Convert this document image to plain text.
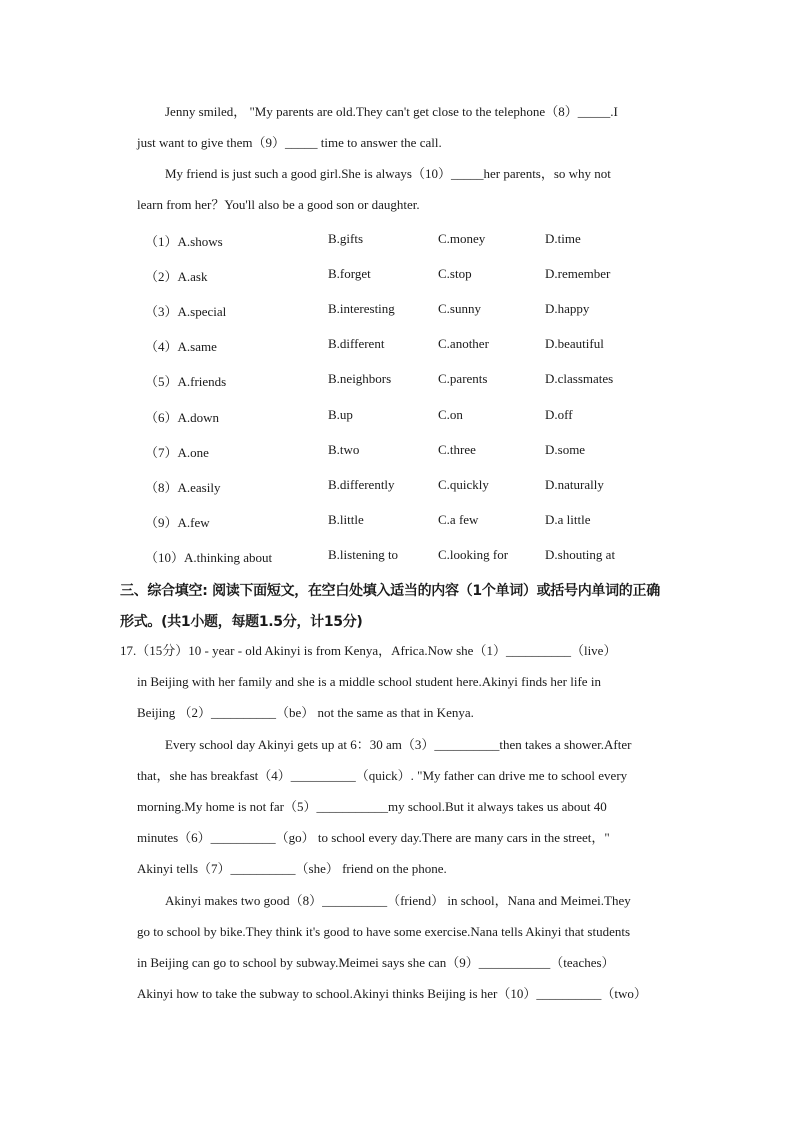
Jenny smiled， "My parents are old.They can't get close to the telephone（8）_____.I
just want to give them（9）_____ time to answer the call.
My friend is just such a good girl.She is always（10）_____her parents，so why not
learn from her？You'll also be a good son or daughter.
（1）A.shows	B.gifts	C.money	D.time
（2）A.ask	B.forget	C.stop	D.remember
（3）A.special	B.interesting	C.sunny	D.happy
（4）A.same	B.different	C.another	D.beautiful
（5）A.friends	B.neighbors	C.parents	D.classmates
（6）A.down	B.up	C.on	D.off
（7）A.one	B.two	C.three	D.some
（8）A.easily	B.differently	C.quickly	D.naturally
（9）A.few	B.little	C.a few	D.a little
（10）A.thinking about	B.listening to	C.looking for	D.shouting at
三、综合填空: 阅读下面短文，在空白处填入适当的内容（1个单词）或括号内单词的正确
形式。(共1小题，每题1.5分，计15分)
17.（15分）10 - year - old Akinyi is from Kenya，Africa.Now she（1）__________（live）
in Beijing with her family and she is a middle school student here.Akinyi finds her life in
Beijing （2）__________（be） not the same as that in Kenya.
Every school day Akinyi gets up at 6：30 am（3）__________then takes a shower.After
that，she has breakfast（4）__________（quick）. "My father can drive me to school every
morning.My home is not far（5）___________my school.But it always takes us about 40
minutes（6）__________（go） to school every day.There are many cars in the street，"
Akinyi tells（7）__________（she） friend on the phone.
Akinyi makes two good（8）__________（friend） in school，Nana and Meimei.They
go to school by bike.They think it's good to have some exercise.Nana tells Akinyi that students
in Beijing can go to school by subway.Meimei says she can（9）___________（teaches）
Akinyi how to take the subway to school.Akinyi thinks Beijing is her（10）__________（two）
